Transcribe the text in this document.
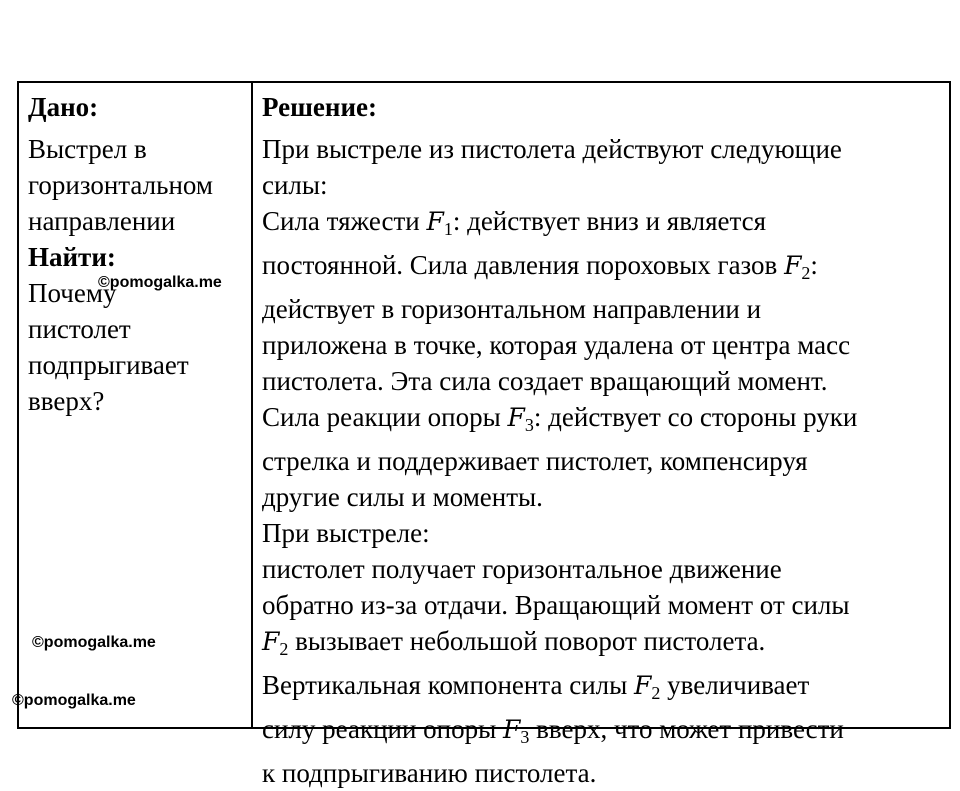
Дано:
Выстрел в
горизонтальном
направлении
Найти:
Почему
пистолет
подпрыгивает
вверх?
Решение:
При выстреле из пистолета действуют следующие
силы:
Сила тяжести $F_1$: действует вниз и является
постоянной. Сила давления пороховых газов $F_2$:
действует в горизонтальном направлении и
приложена в точке, которая удалена от центра масс
пистолета. Эта сила создает вращающий момент.
Сила реакции опоры $F_3$: действует со стороны руки
стрелка и поддерживает пистолет, компенсируя
другие силы и моменты.
При выстреле:
пистолет получает горизонтальное движение
обратно из-за отдачи. Вращающий момент от силы
$F_2$ вызывает небольшой поворот пистолета.
Вертикальная компонента силы $F_2$ увеличивает
силу реакции опоры $F_3$ вверх, что может привести
к подпрыгиванию пистолета.
©pomogalka.me
©pomogalka.me
©pomogalka.me
